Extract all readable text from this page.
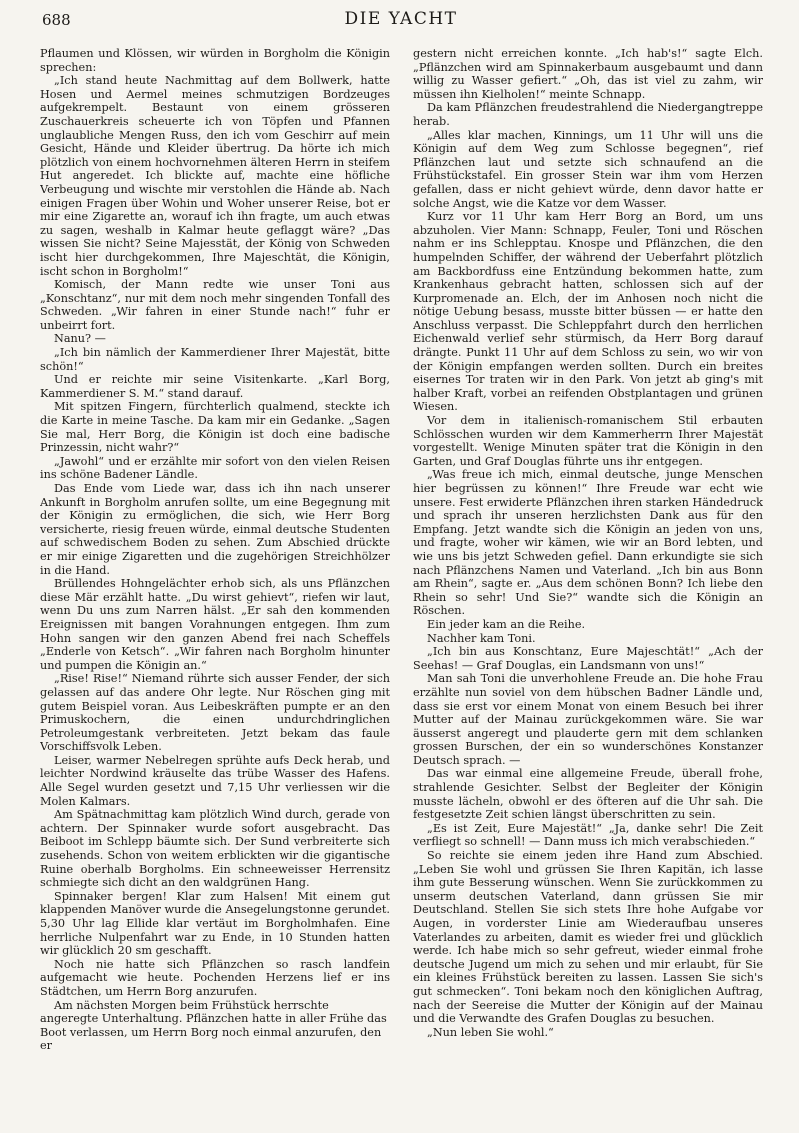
688	DIE YACHT

Pflaumen und Klössen, wir würden in Borgholm die Königin sprechen:

„Ich stand heute Nachmittag auf dem Bollwerk, hatte Hosen und Aermel meines schmutzigen Bordzeuges aufgekrempelt. Bestaunt von einem grösseren Zuschauerkreis scheuerte ich von Töpfen und Pfannen unglaubliche Mengen Russ, den ich vom Geschirr auf mein Gesicht, Hände und Kleider übertrug. Da hörte ich mich plötzlich von einem hochvornehmen älteren Herrn in steifem Hut angeredet. Ich blickte auf, machte eine höfliche Verbeugung und wischte mir verstohlen die Hände ab. Nach einigen Fragen über Wohin und Woher unserer Reise, bot er mir eine Zigarette an, worauf ich ihn fragte, um auch etwas zu sagen, weshalb in Kalmar heute geflaggt wäre? „Das wissen Sie nicht? Seine Majesstät, der König von Schweden ischt hier durchgekommen, Ihre Majeschtät, die Königin, ischt schon in Borgholm!“

Komisch, der Mann redte wie unser Toni aus „Konschtanz“, nur mit dem noch mehr singenden Tonfall des Schweden. „Wir fahren in einer Stunde nach!“ fuhr er unbeirrt fort.

Nanu? —

„Ich bin nämlich der Kammerdiener Ihrer Majestät, bitte schön!“

Und er reichte mir seine Visitenkarte. „Karl Borg, Kammerdiener S. M.“ stand darauf.

Mit spitzen Fingern, fürchterlich qualmend, steckte ich die Karte in meine Tasche. Da kam mir ein Gedanke. „Sagen Sie mal, Herr Borg, die Königin ist doch eine badische Prinzessin, nicht wahr?“

„Jawohl“ und er erzählte mir sofort von den vielen Reisen ins schöne Badener Ländle.

Das Ende vom Liede war, dass ich ihn nach unserer Ankunft in Borgholm anrufen sollte, um eine Begegnung mit der Königin zu ermöglichen, die sich, wie Herr Borg versicherte, riesig freuen würde, einmal deutsche Studenten auf schwedischem Boden zu sehen. Zum Abschied drückte er mir einige Zigaretten und die zugehörigen Streichhölzer in die Hand.

Brüllendes Hohngelächter erhob sich, als uns Pflänzchen diese Mär erzählt hatte. „Du wirst gehievt“, riefen wir laut, wenn Du uns zum Narren hälst. „Er sah den kommenden Ereignissen mit bangen Vorahnungen entgegen. Ihm zum Hohn sangen wir den ganzen Abend frei nach Scheffels „Enderle von Ketsch“. „Wir fahren nach Borgholm hinunter und pumpen die Königin an.“

„Rise! Rise!“ Niemand rührte sich ausser Fender, der sich gelassen auf das andere Ohr legte. Nur Röschen ging mit gutem Beispiel voran. Aus Leibeskräften pumpte er an den Primuskochern, die einen undurchdringlichen Petroleumgestank verbreiteten. Jetzt bekam das faule Vorschiffsvolk Leben.

Leiser, warmer Nebelregen sprühte aufs Deck herab, und leichter Nordwind kräuselte das trübe Wasser des Hafens. Alle Segel wurden gesetzt und 7,15 Uhr verliessen wir die Molen Kalmars.

Am Spätnachmittag kam plötzlich Wind durch, gerade von achtern. Der Spinnaker wurde sofort ausgebracht. Das Beiboot im Schlepp bäumte sich. Der Sund verbreiterte sich zusehends. Schon von weitem erblickten wir die gigantische Ruine oberhalb Borgholms. Ein schneeweisser Herrensitz schmiegte sich dicht an den waldgrünen Hang.

Spinnaker bergen! Klar zum Halsen! Mit einem gut klappenden Manöver wurde die Ansegelungstonne gerundet. 5,30 Uhr lag Ellide klar vertäut im Borgholmhafen. Eine herrliche Nulpenfahrt war zu Ende, in 10 Stunden hatten wir glücklich 20 sm geschafft.

Noch nie hatte sich Pflänzchen so rasch landfein aufgemacht wie heute. Pochenden Herzens lief er ins Städtchen, um Herrn Borg anzurufen.

Am nächsten Morgen beim Frühstück herrschte angeregte Unterhaltung. Pflänzchen hatte in aller Frühe das Boot verlassen, um Herrn Borg noch einmal anzurufen, den er

gestern nicht erreichen konnte. „Ich hab's!“ sagte Elch. „Pflänzchen wird am Spinnakerbaum ausgebaumt und dann willig zu Wasser gefiert.“ „Oh, das ist viel zu zahm, wir müssen ihn Kielholen!“ meinte Schnapp.

Da kam Pflänzchen freudestrahlend die Niedergangtreppe herab.

„Alles klar machen, Kinnings, um 11 Uhr will uns die Königin auf dem Weg zum Schlosse begegnen“, rief Pflänzchen laut und setzte sich schnaufend an die Frühstückstafel. Ein grosser Stein war ihm vom Herzen gefallen, dass er nicht gehievt würde, denn davor hatte er solche Angst, wie die Katze vor dem Wasser.

Kurz vor 11 Uhr kam Herr Borg an Bord, um uns abzuholen. Vier Mann: Schnapp, Feuler, Toni und Röschen nahm er ins Schlepptau. Knospe und Pflänzchen, die den humpelnden Schiffer, der während der Ueberfahrt plötzlich am Backbordfuss eine Entzündung bekommen hatte, zum Krankenhaus gebracht hatten, schlossen sich auf der Kurpromenade an. Elch, der im Anhosen noch nicht die nötige Uebung besass, musste bitter büssen — er hatte den Anschluss verpasst. Die Schleppfahrt durch den herrlichen Eichenwald verlief sehr stürmisch, da Herr Borg darauf drängte. Punkt 11 Uhr auf dem Schloss zu sein, wo wir von der Königin empfangen werden sollten. Durch ein breites eisernes Tor traten wir in den Park. Von jetzt ab ging's mit halber Kraft, vorbei an reifenden Obstplantagen und grünen Wiesen.

Vor dem in italienisch-romanischem Stil erbauten Schlösschen wurden wir dem Kammerherrn Ihrer Majestät vorgestellt. Wenige Minuten später trat die Königin in den Garten, und Graf Douglas führte uns ihr entgegen.

„Was freue ich mich, einmal deutsche, junge Menschen hier begrüssen zu können!“ Ihre Freude war echt wie unsere. Fest erwiderte Pflänzchen ihren starken Händedruck und sprach ihr unseren herzlichsten Dank aus für den Empfang. Jetzt wandte sich die Königin an jeden von uns, und fragte, woher wir kämen, wie wir an Bord lebten, und wie uns bis jetzt Schweden gefiel. Dann erkundigte sie sich nach Pflänzchens Namen und Vaterland. „Ich bin aus Bonn am Rhein“, sagte er. „Aus dem schönen Bonn? Ich liebe den Rhein so sehr! Und Sie?“ wandte sich die Königin an Röschen.

Ein jeder kam an die Reihe.

Nachher kam Toni.

„Ich bin aus Konschtanz, Eure Majeschtät!“ „Ach der Seehas! — Graf Douglas, ein Landsmann von uns!“

Man sah Toni die unverhohlene Freude an. Die hohe Frau erzählte nun soviel von dem hübschen Badner Ländle und, dass sie erst vor einem Monat von einem Besuch bei ihrer Mutter auf der Mainau zurückgekommen wäre. Sie war äusserst angeregt und plauderte gern mit dem schlanken grossen Burschen, der ein so wunderschönes Konstanzer Deutsch sprach. —

Das war einmal eine allgemeine Freude, überall frohe, strahlende Gesichter. Selbst der Begleiter der Königin musste lächeln, obwohl er des öfteren auf die Uhr sah. Die festgesetzte Zeit schien längst überschritten zu sein.

„Es ist Zeit, Eure Majestät!“ „Ja, danke sehr! Die Zeit verfliegt so schnell! — Dann muss ich mich verabschieden.“

So reichte sie einem jeden ihre Hand zum Abschied. „Leben Sie wohl und grüssen Sie Ihren Kapitän, ich lasse ihm gute Besserung wünschen. Wenn Sie zurückkommen zu unserm deutschen Vaterland, dann grüssen Sie mir Deutschland. Stellen Sie sich stets Ihre hohe Aufgabe vor Augen, in vorderster Linie am Wiederaufbau unseres Vaterlandes zu arbeiten, damit es wieder frei und glücklich werde. Ich habe mich so sehr gefreut, wieder einmal frohe deutsche Jugend um mich zu sehen und mir erlaubt, für Sie ein kleines Frühstück bereiten zu lassen. Lassen Sie sich's gut schmecken“. Toni bekam noch den königlichen Auftrag, nach der Seereise die Mutter der Königin auf der Mainau und die Verwandte des Grafen Douglas zu besuchen.

„Nun leben Sie wohl.“
